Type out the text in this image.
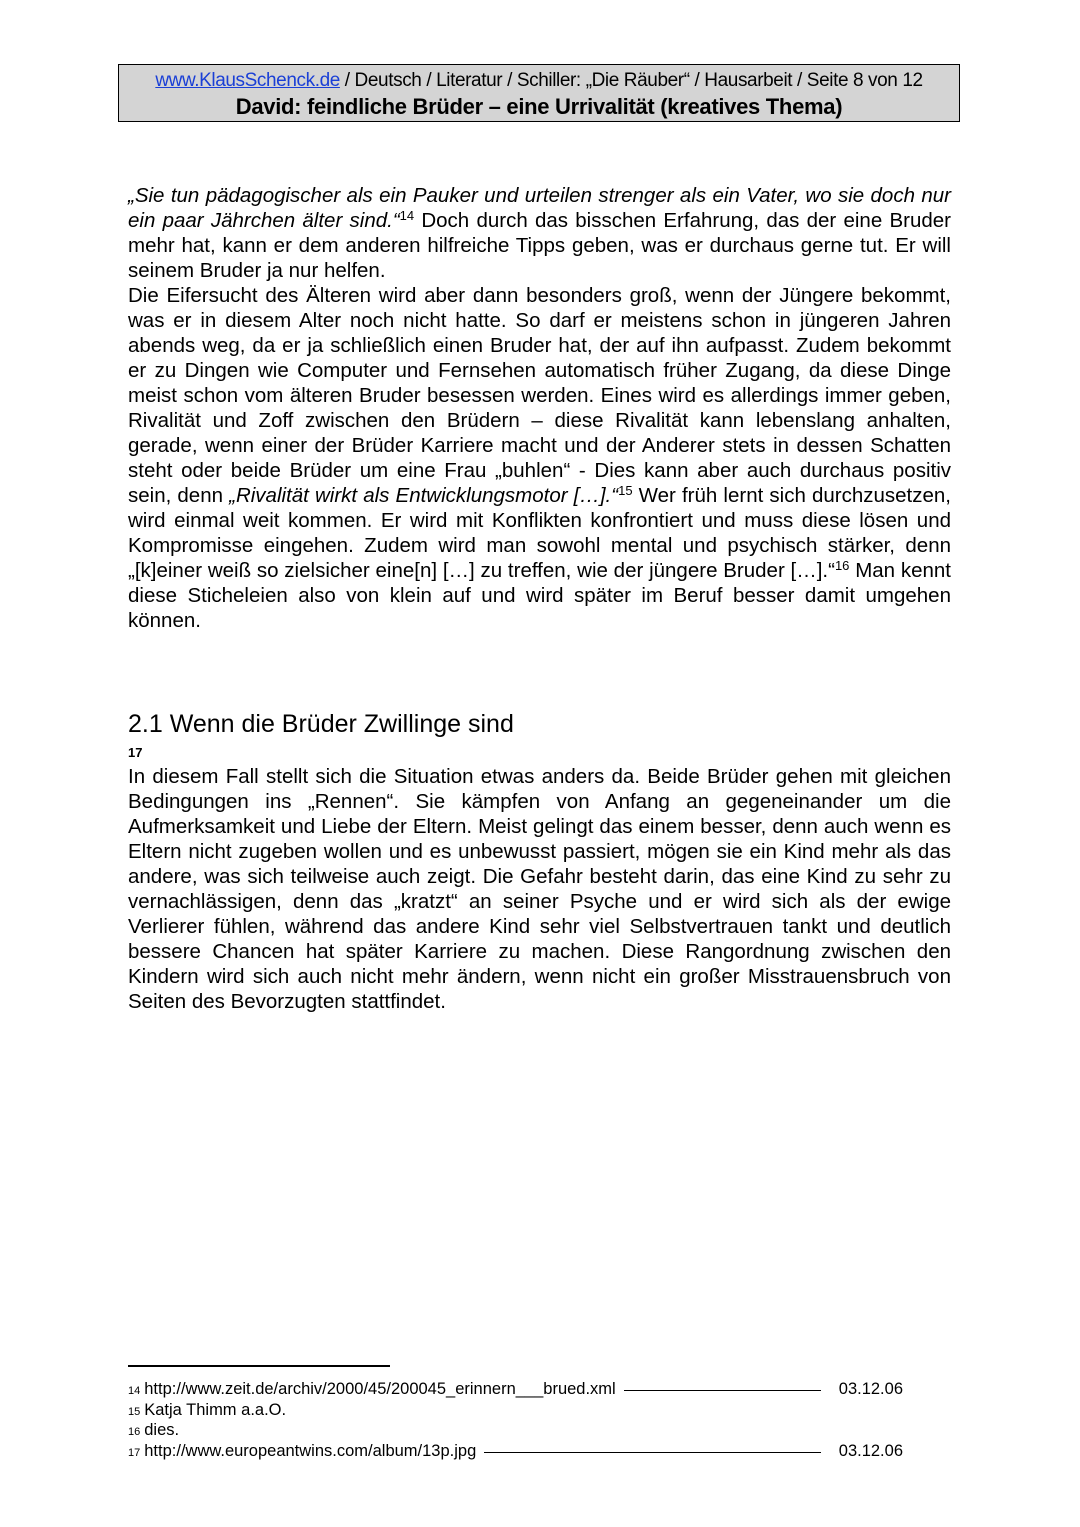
www.KlausSchenck.de / Deutsch / Literatur / Schiller: „Die Räuber“ / Hausarbeit / Seite 8 von 12
David: feindliche Brüder – eine Urrivalität (kreatives Thema)

„Sie tun pädagogischer als ein Pauker und urteilen strenger als ein Vater, wo sie doch nur ein paar Jährchen älter sind.“$^{14}$ Doch durch das bisschen Erfahrung, das der eine Bruder mehr hat, kann er dem anderen hilfreiche Tipps geben, was er durchaus gerne tut. Er will seinem Bruder ja nur helfen.

Die Eifersucht des Älteren wird aber dann besonders groß, wenn der Jüngere bekommt, was er in diesem Alter noch nicht hatte. So darf er meistens schon in jüngeren Jahren abends weg, da er ja schließlich einen Bruder hat, der auf ihn aufpasst. Zudem bekommt er zu Dingen wie Computer und Fernsehen automatisch früher Zugang, da diese Dinge meist schon vom älteren Bruder besessen werden. Eines wird es allerdings immer geben, Rivalität und Zoff zwischen den Brüdern – diese Rivalität kann lebenslang anhalten, gerade, wenn einer der Brüder Karriere macht und der Anderer stets in dessen Schatten steht oder beide Brüder um eine Frau „buhlen“ - Dies kann aber auch durchaus positiv sein, denn „Rivalität wirkt als Entwicklungsmotor […].“$^{15}$ Wer früh lernt sich durchzusetzen, wird einmal weit kommen. Er wird mit Konflikten konfrontiert und muss diese lösen und Kompromisse eingehen. Zudem wird man sowohl mental und psychisch stärker, denn „[k]einer weiß so zielsicher eine[n] […] zu treffen, wie der jüngere Bruder […].“$^{16}$ Man kennt diese Sticheleien also von klein auf und wird später im Beruf besser damit umgehen können.

2.1 Wenn die Brüder Zwillinge sind
17

In diesem Fall stellt sich die Situation etwas anders da. Beide Brüder gehen mit gleichen Bedingungen ins „Rennen“. Sie kämpfen von Anfang an gegeneinander um die Aufmerksamkeit und Liebe der Eltern. Meist gelingt das einem besser, denn auch wenn es Eltern nicht zugeben wollen und es unbewusst passiert, mögen sie ein Kind mehr als das andere, was sich teilweise auch zeigt. Die Gefahr besteht darin, das eine Kind zu sehr zu vernachlässigen, denn das „kratzt“ an seiner Psyche und er wird sich als der ewige Verlierer fühlen, während das andere Kind sehr viel Selbstvertrauen tankt und deutlich bessere Chancen hat später Karriere zu machen. Diese Rangordnung zwischen den Kindern wird sich auch nicht mehr ändern, wenn nicht ein großer Misstrauensbruch von Seiten des Bevorzugten stattfindet.

14 http://www.zeit.de/archiv/2000/45/200045_erinnern___brued.xml	03.12.06
15 Katja Thimm a.a.O.
16 dies.
17 http://www.europeantwins.com/album/13p.jpg	03.12.06
